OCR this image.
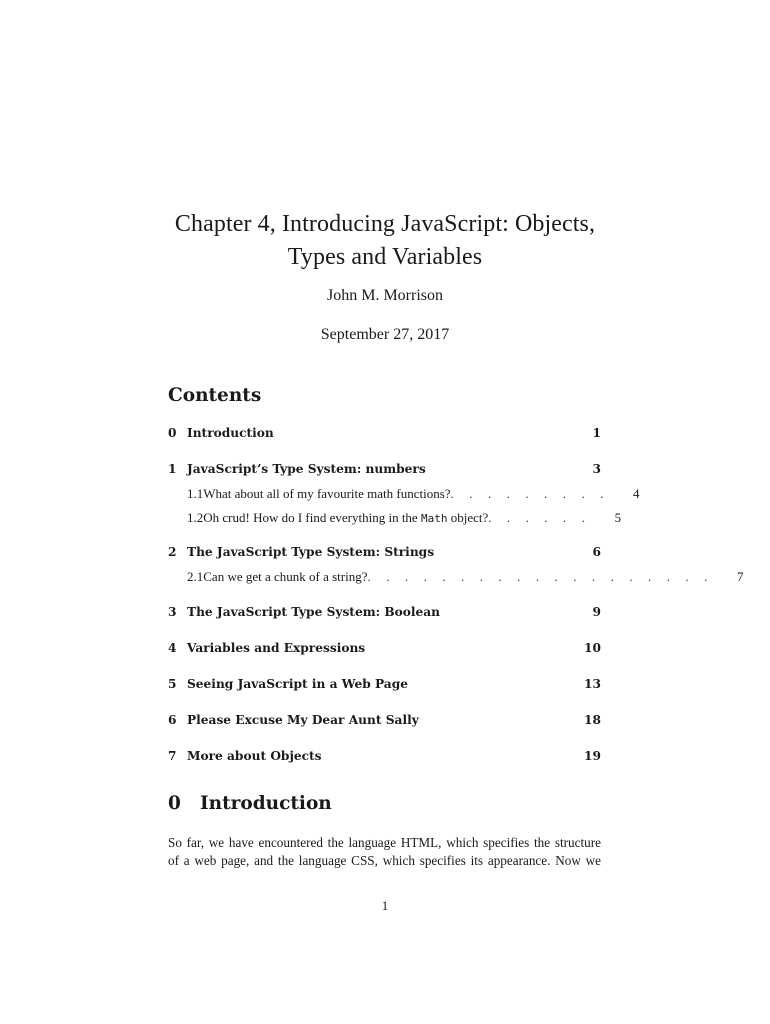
Chapter 4, Introducing JavaScript: Objects,
Types and Variables
John M. Morrison
September 27, 2017
Contents
0 Introduction	1
1 JavaScript’s Type System: numbers	3
1.1 What about all of my favourite math functions? . . . . . . . . .	4
1.2 Oh crud! How do I find everything in the Math object? . . . . . .	5
2 The JavaScript Type System: Strings	6
2.1 Can we get a chunk of a string? . . . . . . . . . . . . . . . . . . .	7
3 The JavaScript Type System: Boolean	9
4 Variables and Expressions	10
5 Seeing JavaScript in a Web Page	13
6 Please Excuse My Dear Aunt Sally	18
7 More about Objects	19
0 Introduction
So far, we have encountered the language HTML, which specifies the structure
of a web page, and the language CSS, which specifies its appearance. Now we
1
